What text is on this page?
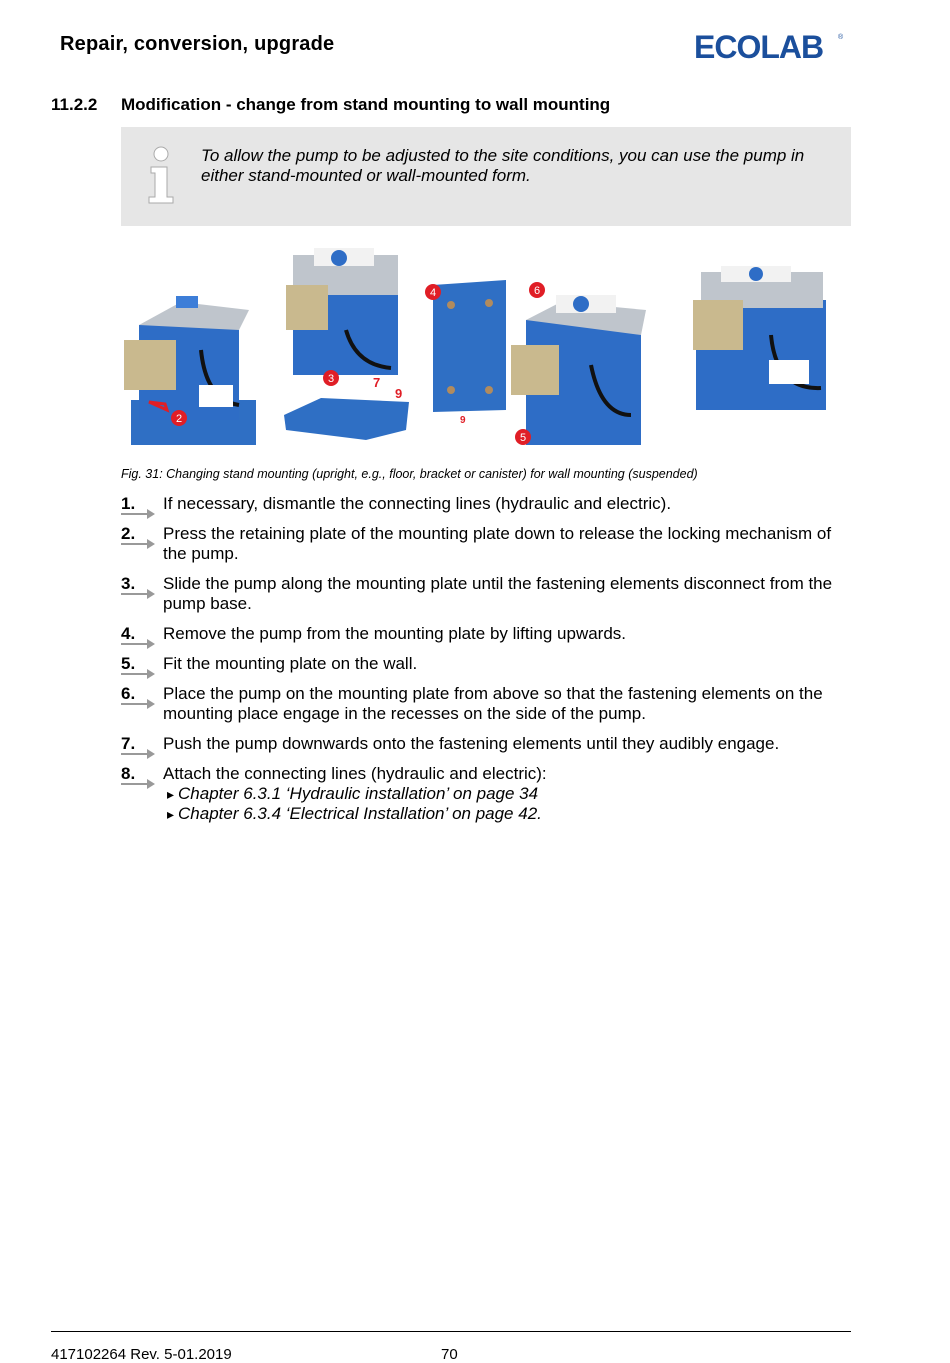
Repair, conversion, upgrade	ECOLAB ®
11.2.2 Modification - change from stand mounting to wall mounting
To allow the pump to be adjusted to the site conditions, you can use the pump in either stand-mounted or wall-mounted form.
2
3	7
9
4
9
6
5
Fig. 31: Changing stand mounting (upright, e.g., floor, bracket or canister) for wall mounting (suspended)
1.	If necessary, dismantle the connecting lines (hydraulic and electric).
2.	Press the retaining plate of the mounting plate down to release the locking mechanism of the pump.
3.	Slide the pump along the mounting plate until the fastening elements disconnect from the pump base.
4.	Remove the pump from the mounting plate by lifting upwards.
5.	Fit the mounting plate on the wall.
6.	Place the pump on the mounting plate from above so that the fastening elements on the mounting place engage in the recesses on the side of the pump.
7.	Push the pump downwards onto the fastening elements until they audibly engage.
8.	Attach the connecting lines (hydraulic and electric):
▸ Chapter 6.3.1 ‘Hydraulic installation’ on page 34
▸ Chapter 6.3.4 ‘Electrical Installation’ on page 42.
417102264 Rev. 5-01.2019	70
